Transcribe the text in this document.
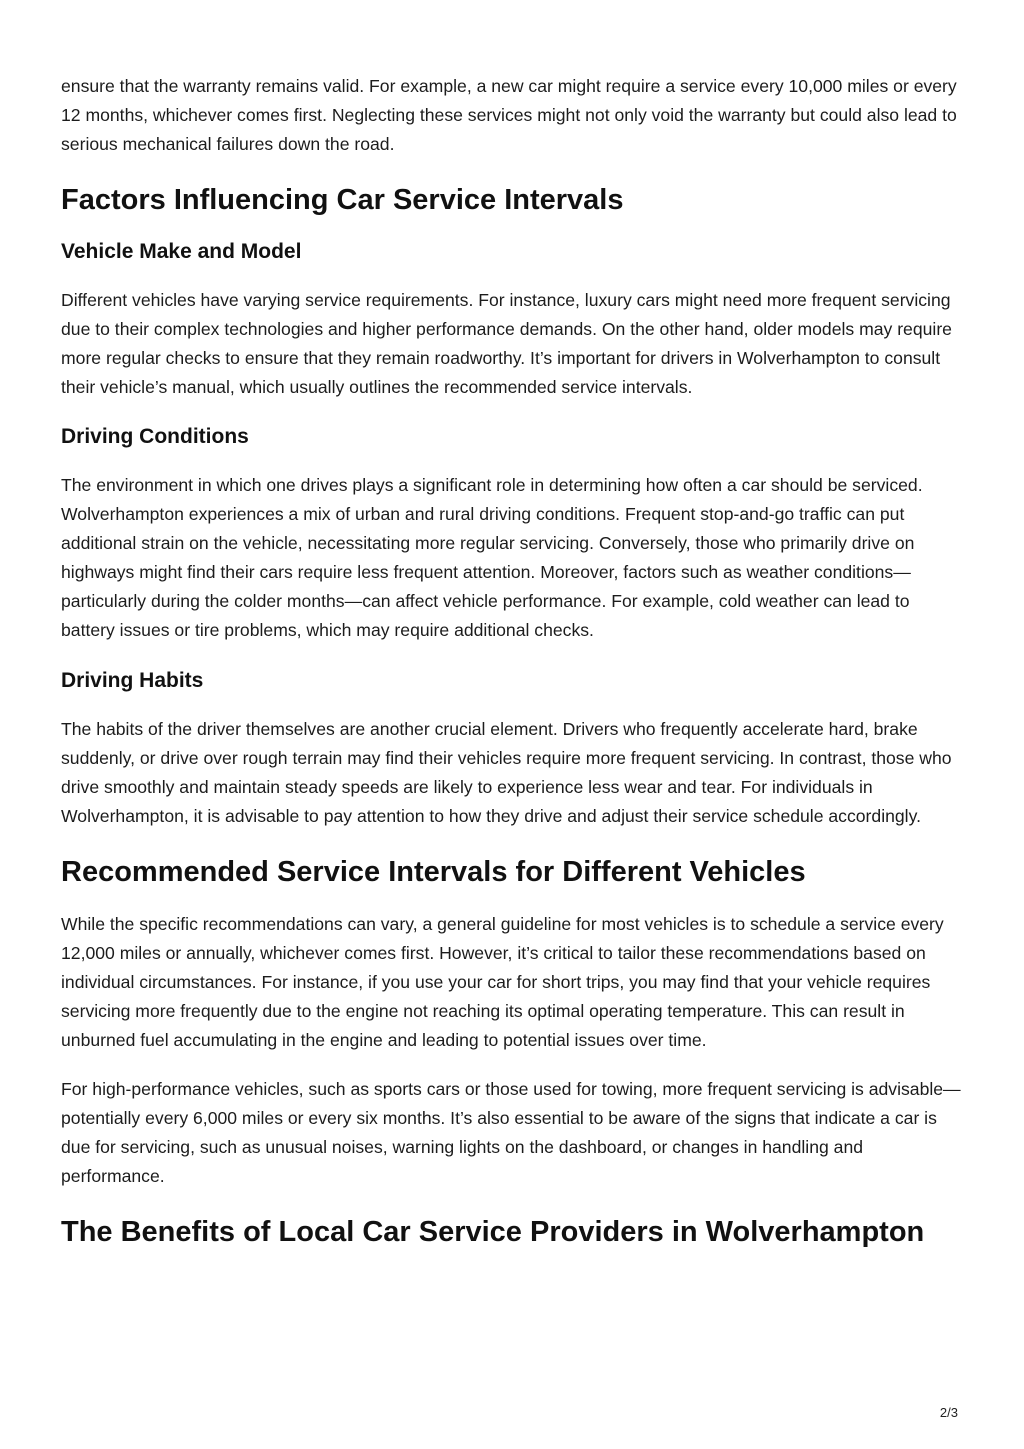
ensure that the warranty remains valid. For example, a new car might require a service every 10,000 miles or every 12 months, whichever comes first. Neglecting these services might not only void the warranty but could also lead to serious mechanical failures down the road.

Factors Influencing Car Service Intervals
Vehicle Make and Model

Different vehicles have varying service requirements. For instance, luxury cars might need more frequent servicing due to their complex technologies and higher performance demands. On the other hand, older models may require more regular checks to ensure that they remain roadworthy. It’s important for drivers in Wolverhampton to consult their vehicle’s manual, which usually outlines the recommended service intervals.

Driving Conditions

The environment in which one drives plays a significant role in determining how often a car should be serviced. Wolverhampton experiences a mix of urban and rural driving conditions. Frequent stop-and-go traffic can put additional strain on the vehicle, necessitating more regular servicing. Conversely, those who primarily drive on highways might find their cars require less frequent attention. Moreover, factors such as weather conditions—particularly during the colder months—can affect vehicle performance. For example, cold weather can lead to battery issues or tire problems, which may require additional checks.

Driving Habits

The habits of the driver themselves are another crucial element. Drivers who frequently accelerate hard, brake suddenly, or drive over rough terrain may find their vehicles require more frequent servicing. In contrast, those who drive smoothly and maintain steady speeds are likely to experience less wear and tear. For individuals in Wolverhampton, it is advisable to pay attention to how they drive and adjust their service schedule accordingly.

Recommended Service Intervals for Different Vehicles

While the specific recommendations can vary, a general guideline for most vehicles is to schedule a service every 12,000 miles or annually, whichever comes first. However, it’s critical to tailor these recommendations based on individual circumstances. For instance, if you use your car for short trips, you may find that your vehicle requires servicing more frequently due to the engine not reaching its optimal operating temperature. This can result in unburned fuel accumulating in the engine and leading to potential issues over time.

For high-performance vehicles, such as sports cars or those used for towing, more frequent servicing is advisable—potentially every 6,000 miles or every six months. It’s also essential to be aware of the signs that indicate a car is due for servicing, such as unusual noises, warning lights on the dashboard, or changes in handling and performance.

The Benefits of Local Car Service Providers in Wolverhampton
2/3
